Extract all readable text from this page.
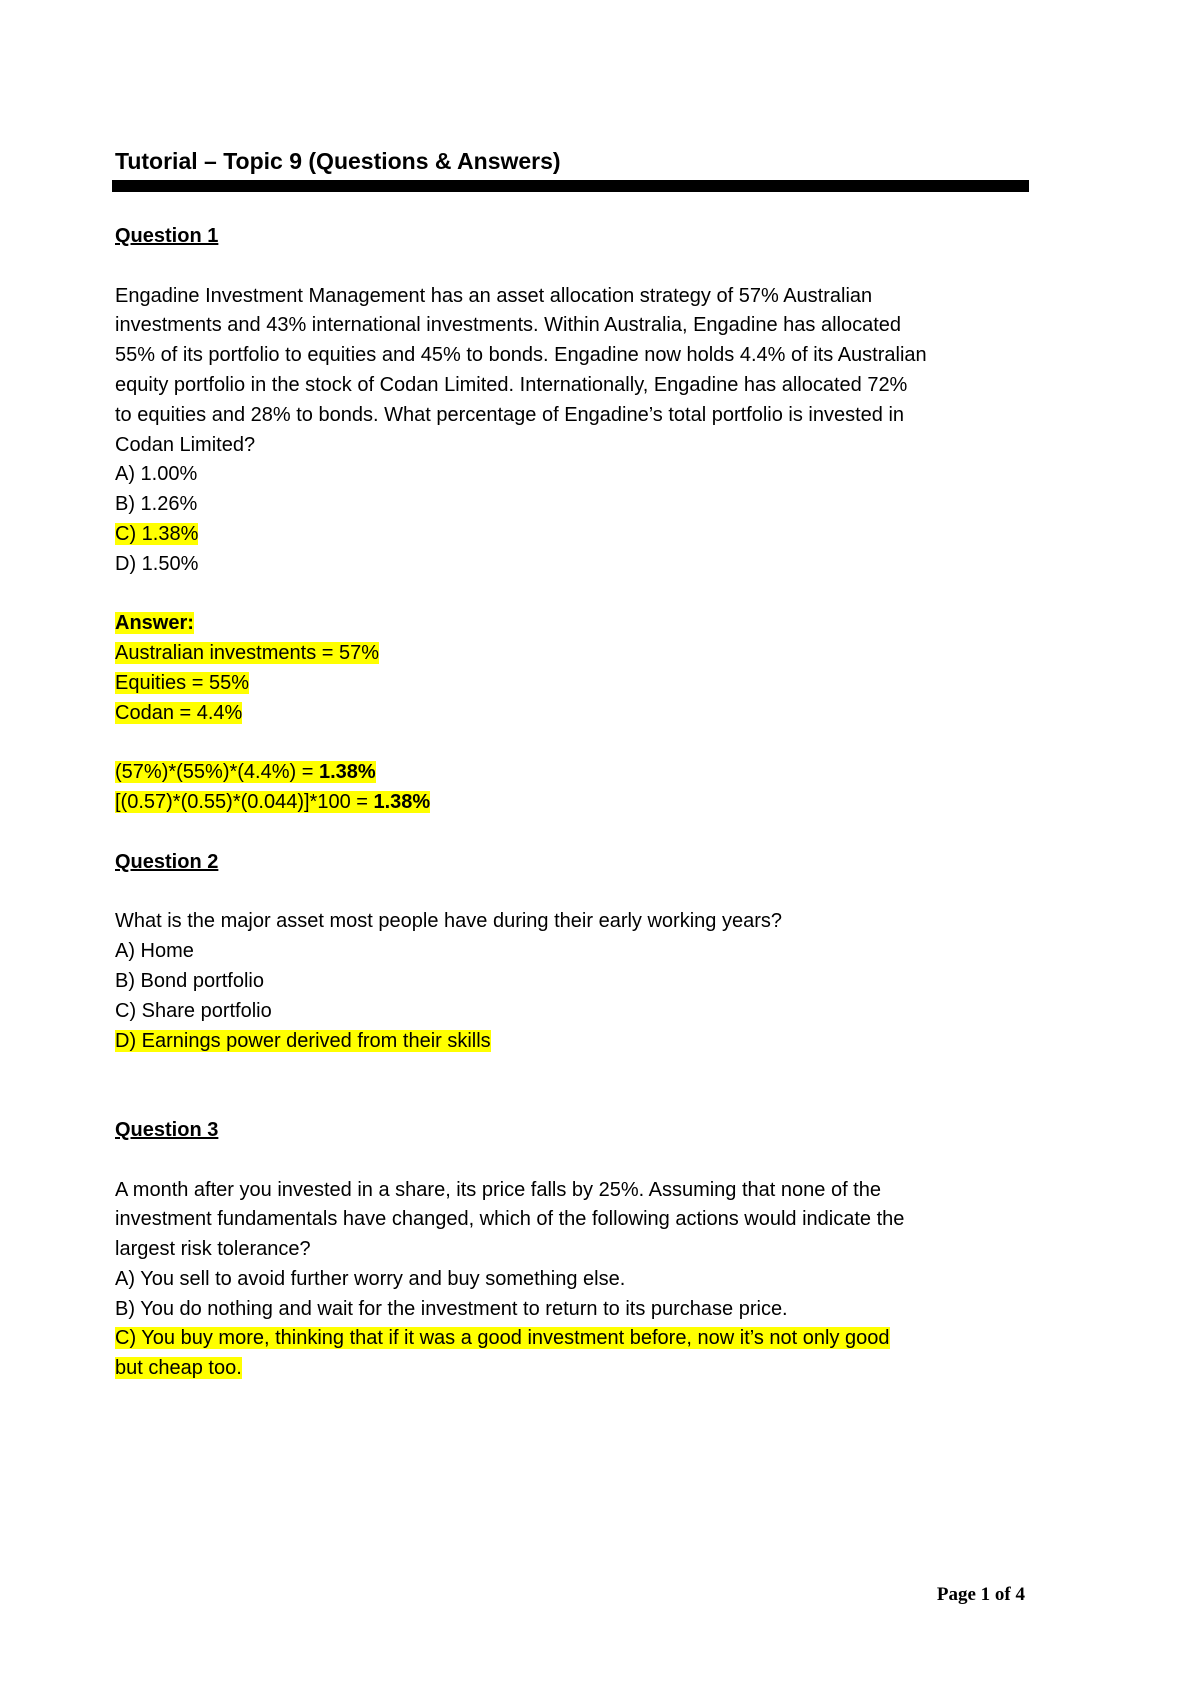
Tutorial – Topic 9 (Questions & Answers)
Question 1
Engadine Investment Management has an asset allocation strategy of 57% Australian
investments and 43% international investments. Within Australia, Engadine has allocated
55% of its portfolio to equities and 45% to bonds. Engadine now holds 4.4% of its Australian
equity portfolio in the stock of Codan Limited. Internationally, Engadine has allocated 72%
to equities and 28% to bonds. What percentage of Engadine’s total portfolio is invested in
Codan Limited?
A) 1.00%
B) 1.26%
C) 1.38%
D) 1.50%
Answer:
Australian investments = 57%
Equities = 55%
Codan = 4.4%
(57%)*(55%)*(4.4%) = 1.38%
[(0.57)*(0.55)*(0.044)]*100 = 1.38%
Question 2
What is the major asset most people have during their early working years?
A) Home
B) Bond portfolio
C) Share portfolio
D) Earnings power derived from their skills
Question 3
A month after you invested in a share, its price falls by 25%. Assuming that none of the
investment fundamentals have changed, which of the following actions would indicate the
largest risk tolerance?
A) You sell to avoid further worry and buy something else.
B) You do nothing and wait for the investment to return to its purchase price.
C) You buy more, thinking that if it was a good investment before, now it’s not only good
but cheap too.
Page 1 of 4
